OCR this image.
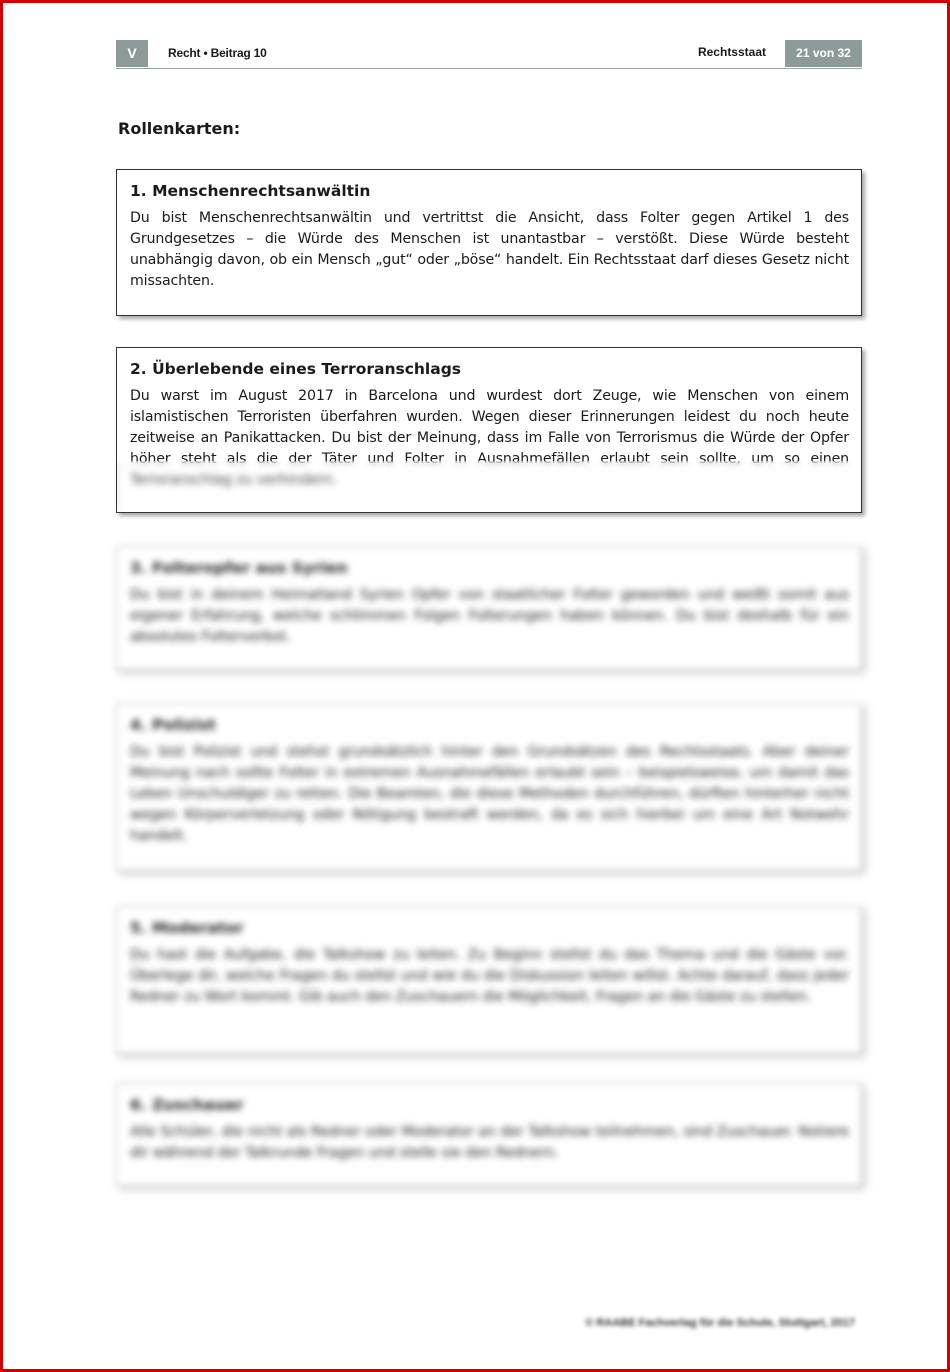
V	Recht • Beitrag 10	Rechtsstaat	21 von 32
Rollenkarten:
1. Menschenrechtsanwältin

Du bist Menschenrechtsanwältin und vertrittst die Ansicht, dass Folter gegen Artikel 1 des Grundgesetzes – die Würde des Menschen ist unantastbar – verstößt. Diese Würde besteht unabhängig davon, ob ein Mensch „gut“ oder „böse“ handelt. Ein Rechtsstaat darf dieses Gesetz nicht missachten.

2. Überlebende eines Terroranschlags

Du warst im August 2017 in Barcelona und wurdest dort Zeuge, wie Menschen von einem islamistischen Terroristen überfahren wurden. Wegen dieser Erinnerungen leidest du noch heute zeitweise an Panikattacken. Du bist der Meinung, dass im Falle von Terrorismus die Würde der Opfer höher steht als die der Täter und Folter in Ausnahmefällen erlaubt sein sollte, um so einen Terroranschlag zu verhindern.

3. Folteropfer aus Syrien

Du bist in deinem Heimatland Syrien Opfer von staatlicher Folter geworden und weißt somit aus eigener Erfahrung, welche schlimmen Folgen Folterungen haben können. Du bist deshalb für ein absolutes Folterverbot.

4. Polizist

Du bist Polizist und stehst grundsätzlich hinter den Grundsätzen des Rechtsstaats. Aber deiner Meinung nach sollte Folter in extremen Ausnahmefällen erlaubt sein – beispielsweise, um damit das Leben Unschuldiger zu retten. Die Beamten, die diese Methoden durchführen, dürften hinterher nicht wegen Körperverletzung oder Nötigung bestraft werden, da es sich hierbei um eine Art Notwehr handelt.

5. Moderator

Du hast die Aufgabe, die Talkshow zu leiten. Zu Beginn stellst du das Thema und die Gäste vor. Überlege dir, welche Fragen du stellst und wie du die Diskussion leiten willst. Achte darauf, dass jeder Redner zu Wort kommt. Gib auch den Zuschauern die Möglichkeit, Fragen an die Gäste zu stellen.

6. Zuschauer

Alle Schüler, die nicht als Redner oder Moderator an der Talkshow teilnehmen, sind Zuschauer. Notiere dir während der Talkrunde Fragen und stelle sie den Rednern.

© RAABE Fachverlag für die Schule, Stuttgart, 2017
